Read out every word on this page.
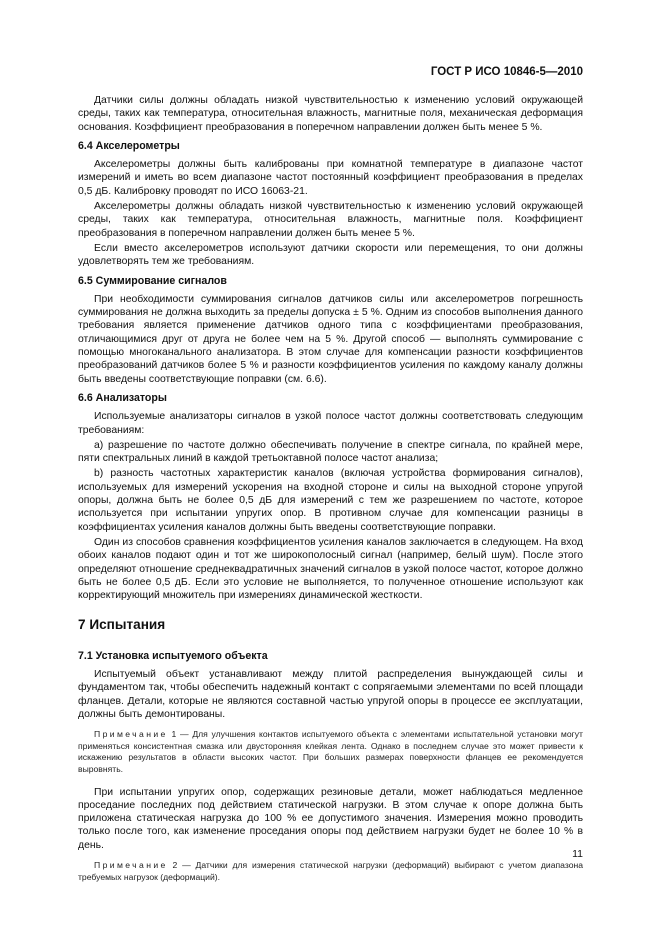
ГОСТ Р ИСО 10846-5—2010

Датчики силы должны обладать низкой чувствительностью к изменению условий окружающей среды, таких как температура, относительная влажность, магнитные поля, механическая деформация основания. Коэффициент преобразования в поперечном направлении должен быть менее 5 %.

6.4 Акселерометры

Акселерометры должны быть калиброваны при комнатной температуре в диапазоне частот измерений и иметь во всем диапазоне частот постоянный коэффициент преобразования в пределах 0,5 дБ. Калибровку проводят по ИСО 16063-21.

Акселерометры должны обладать низкой чувствительностью к изменению условий окружающей среды, таких как температура, относительная влажность, магнитные поля. Коэффициент преобразования в поперечном направлении должен быть менее 5 %.

Если вместо акселерометров используют датчики скорости или перемещения, то они должны удовлетворять тем же требованиям.

6.5 Суммирование сигналов

При необходимости суммирования сигналов датчиков силы или акселерометров погрешность суммирования не должна выходить за пределы допуска ± 5 %. Одним из способов выполнения данного требования является применение датчиков одного типа с коэффициентами преобразования, отличающимися друг от друга не более чем на 5 %. Другой способ — выполнять суммирование с помощью многоканального анализатора. В этом случае для компенсации разности коэффициентов преобразований датчиков более 5 % и разности коэффициентов усиления по каждому каналу должны быть введены соответствующие поправки (см. 6.6).

6.6 Анализаторы

Используемые анализаторы сигналов в узкой полосе частот должны соответствовать следующим требованиям:

а) разрешение по частоте должно обеспечивать получение в спектре сигнала, по крайней мере, пяти спектральных линий в каждой третьоктавной полосе частот анализа;

b) разность частотных характеристик каналов (включая устройства формирования сигналов), используемых для измерений ускорения на входной стороне и силы на выходной стороне упругой опоры, должна быть не более 0,5 дБ для измерений с тем же разрешением по частоте, которое используется при испытании упругих опор. В противном случае для компенсации разницы в коэффициентах усиления каналов должны быть введены соответствующие поправки.

Один из способов сравнения коэффициентов усиления каналов заключается в следующем. На вход обоих каналов подают один и тот же широкополосный сигнал (например, белый шум). После этого определяют отношение среднеквадратичных значений сигналов в узкой полосе частот, которое должно быть не более 0,5 дБ. Если это условие не выполняется, то полученное отношение используют как корректирующий множитель при измерениях динамической жесткости.

7 Испытания
7.1 Установка испытуемого объекта

Испытуемый объект устанавливают между плитой распределения вынуждающей силы и фундаментом так, чтобы обеспечить надежный контакт с сопрягаемыми элементами по всей площади фланцев. Детали, которые не являются составной частью упругой опоры в процессе ее эксплуатации, должны быть демонтированы.

Примечание 1 — Для улучшения контактов испытуемого объекта с элементами испытательной установки могут применяться консистентная смазка или двусторонняя клейкая лента. Однако в последнем случае это может привести к искажению результатов в области высоких частот. При больших размерах поверхности фланцев ее рекомендуется выровнять.

При испытании упругих опор, содержащих резиновые детали, может наблюдаться медленное проседание последних под действием статической нагрузки. В этом случае к опоре должна быть приложена статическая нагрузка до 100 % ее допустимого значения. Измерения можно проводить только после того, как изменение проседания опоры под действием нагрузки будет не более 10 % в день.

Примечание 2 — Датчики для измерения статической нагрузки (деформаций) выбирают с учетом диапазона требуемых нагрузок (деформаций).

11
